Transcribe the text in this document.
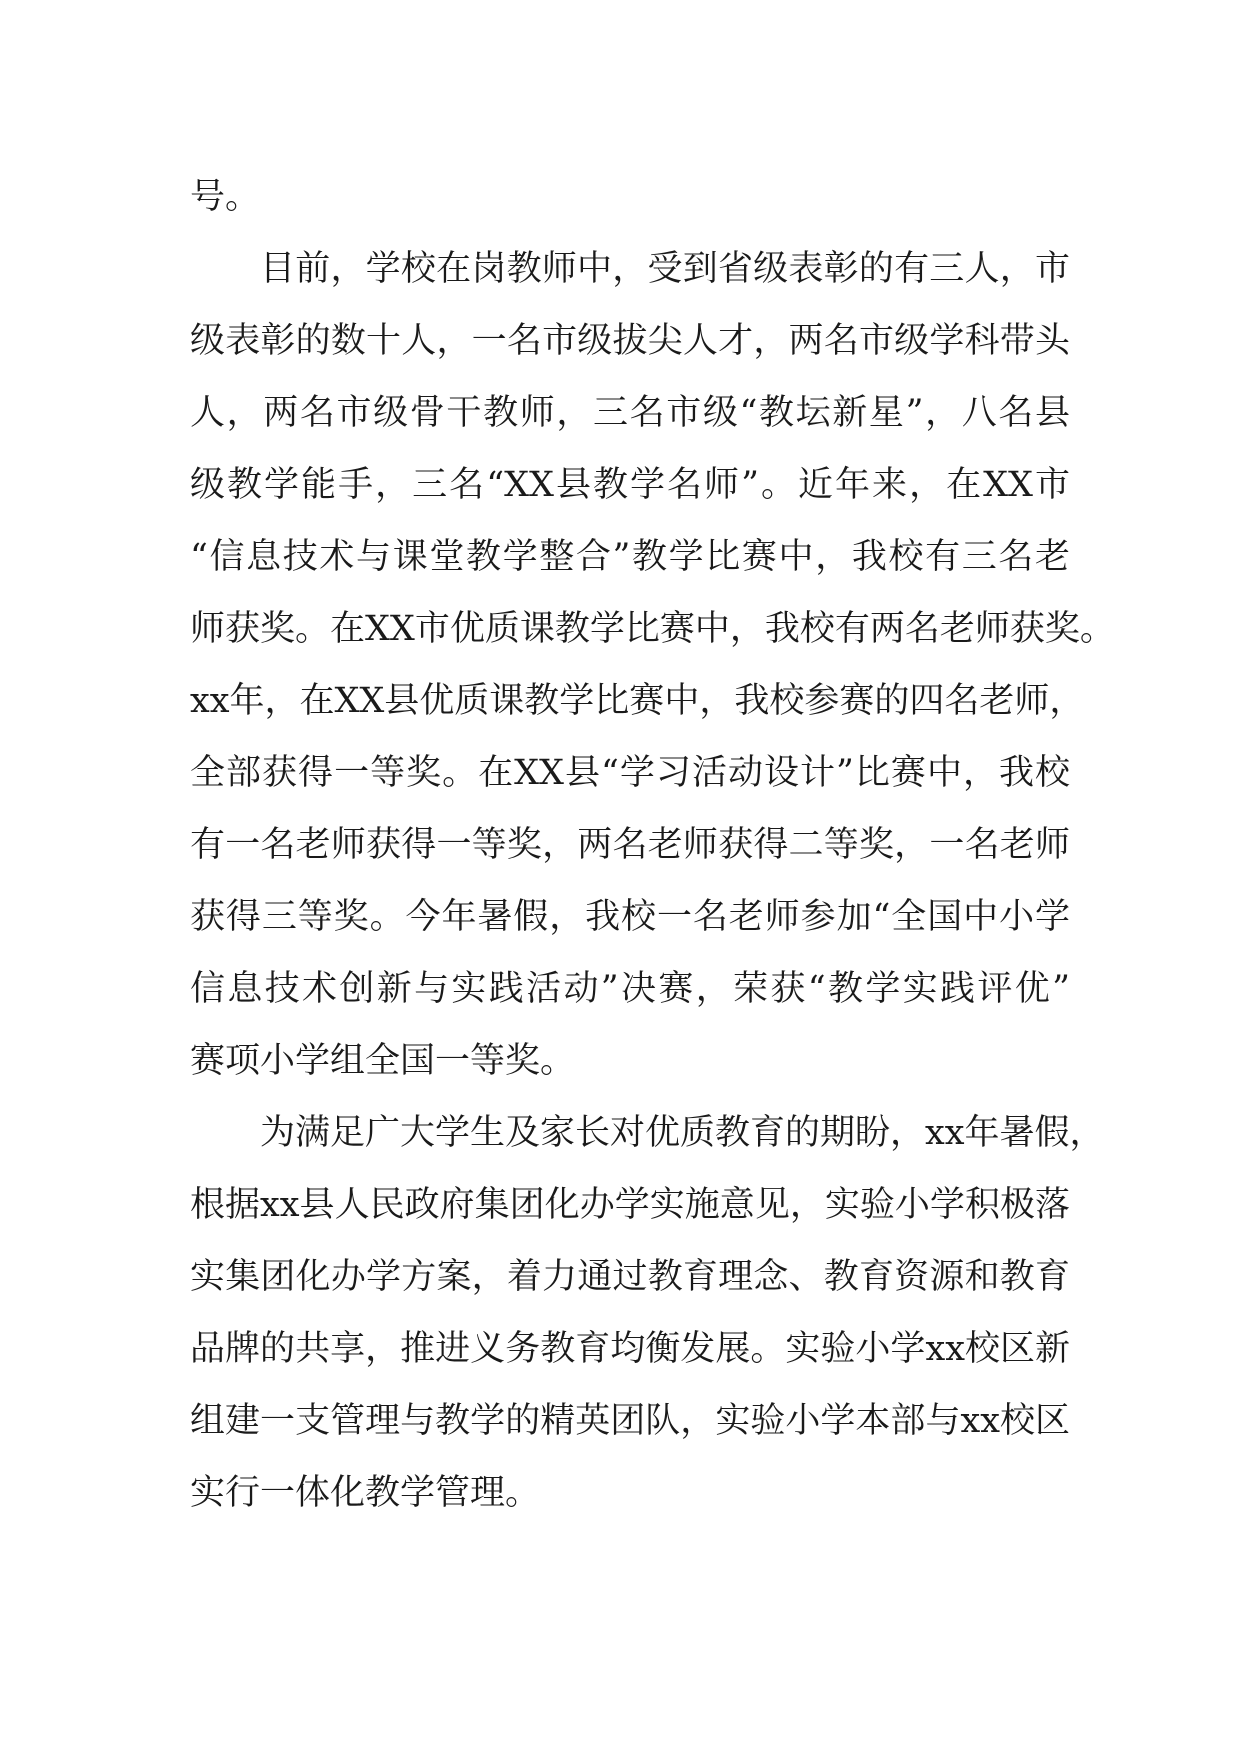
号。
目前，学校在岗教师中，受到省级表彰的有三人，市
级表彰的数十人，一名市级拔尖人才，两名市级学科带头
人，两名市级骨干教师，三名市级“教坛新星”，八名县
级教学能手，三名“XX县教学名师”。近年来，在XX市
“信息技术与课堂教学整合”教学比赛中，我校有三名老
师获奖。在XX市优质课教学比赛中，我校有两名老师获奖。
xx年，在XX县优质课教学比赛中，我校参赛的四名老师，
全部获得一等奖。在XX县“学习活动设计”比赛中，我校
有一名老师获得一等奖，两名老师获得二等奖，一名老师
获得三等奖。今年暑假，我校一名老师参加“全国中小学
信息技术创新与实践活动”决赛，荣获“教学实践评优”
赛项小学组全国一等奖。
为满足广大学生及家长对优质教育的期盼，xx年暑假，
根据xx县人民政府集团化办学实施意见，实验小学积极落
实集团化办学方案，着力通过教育理念、教育资源和教育
品牌的共享，推进义务教育均衡发展。实验小学xx校区新
组建一支管理与教学的精英团队，实验小学本部与xx校区
实行一体化教学管理。
